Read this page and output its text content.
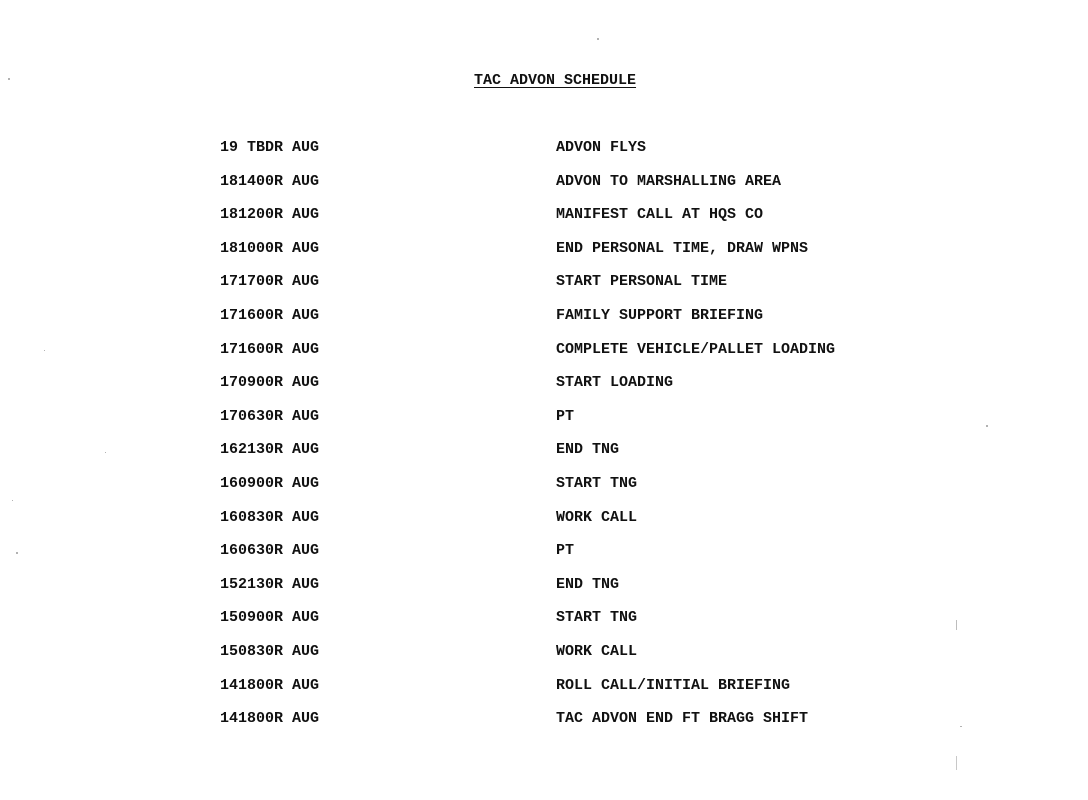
TAC ADVON SCHEDULE
19 TBDR AUG	ADVON FLYS
181400R AUG	ADVON TO MARSHALLING AREA
181200R AUG	MANIFEST CALL AT HQS CO
181000R AUG	END PERSONAL TIME, DRAW WPNS
171700R AUG	START PERSONAL TIME
171600R AUG	FAMILY SUPPORT BRIEFING
171600R AUG	COMPLETE VEHICLE/PALLET LOADING
170900R AUG	START LOADING
170630R AUG	PT
162130R AUG	END TNG
160900R AUG	START TNG
160830R AUG	WORK CALL
160630R AUG	PT
152130R AUG	END TNG
150900R AUG	START TNG
150830R AUG	WORK CALL
141800R AUG	ROLL CALL/INITIAL BRIEFING
141800R AUG	TAC ADVON END FT BRAGG SHIFT
